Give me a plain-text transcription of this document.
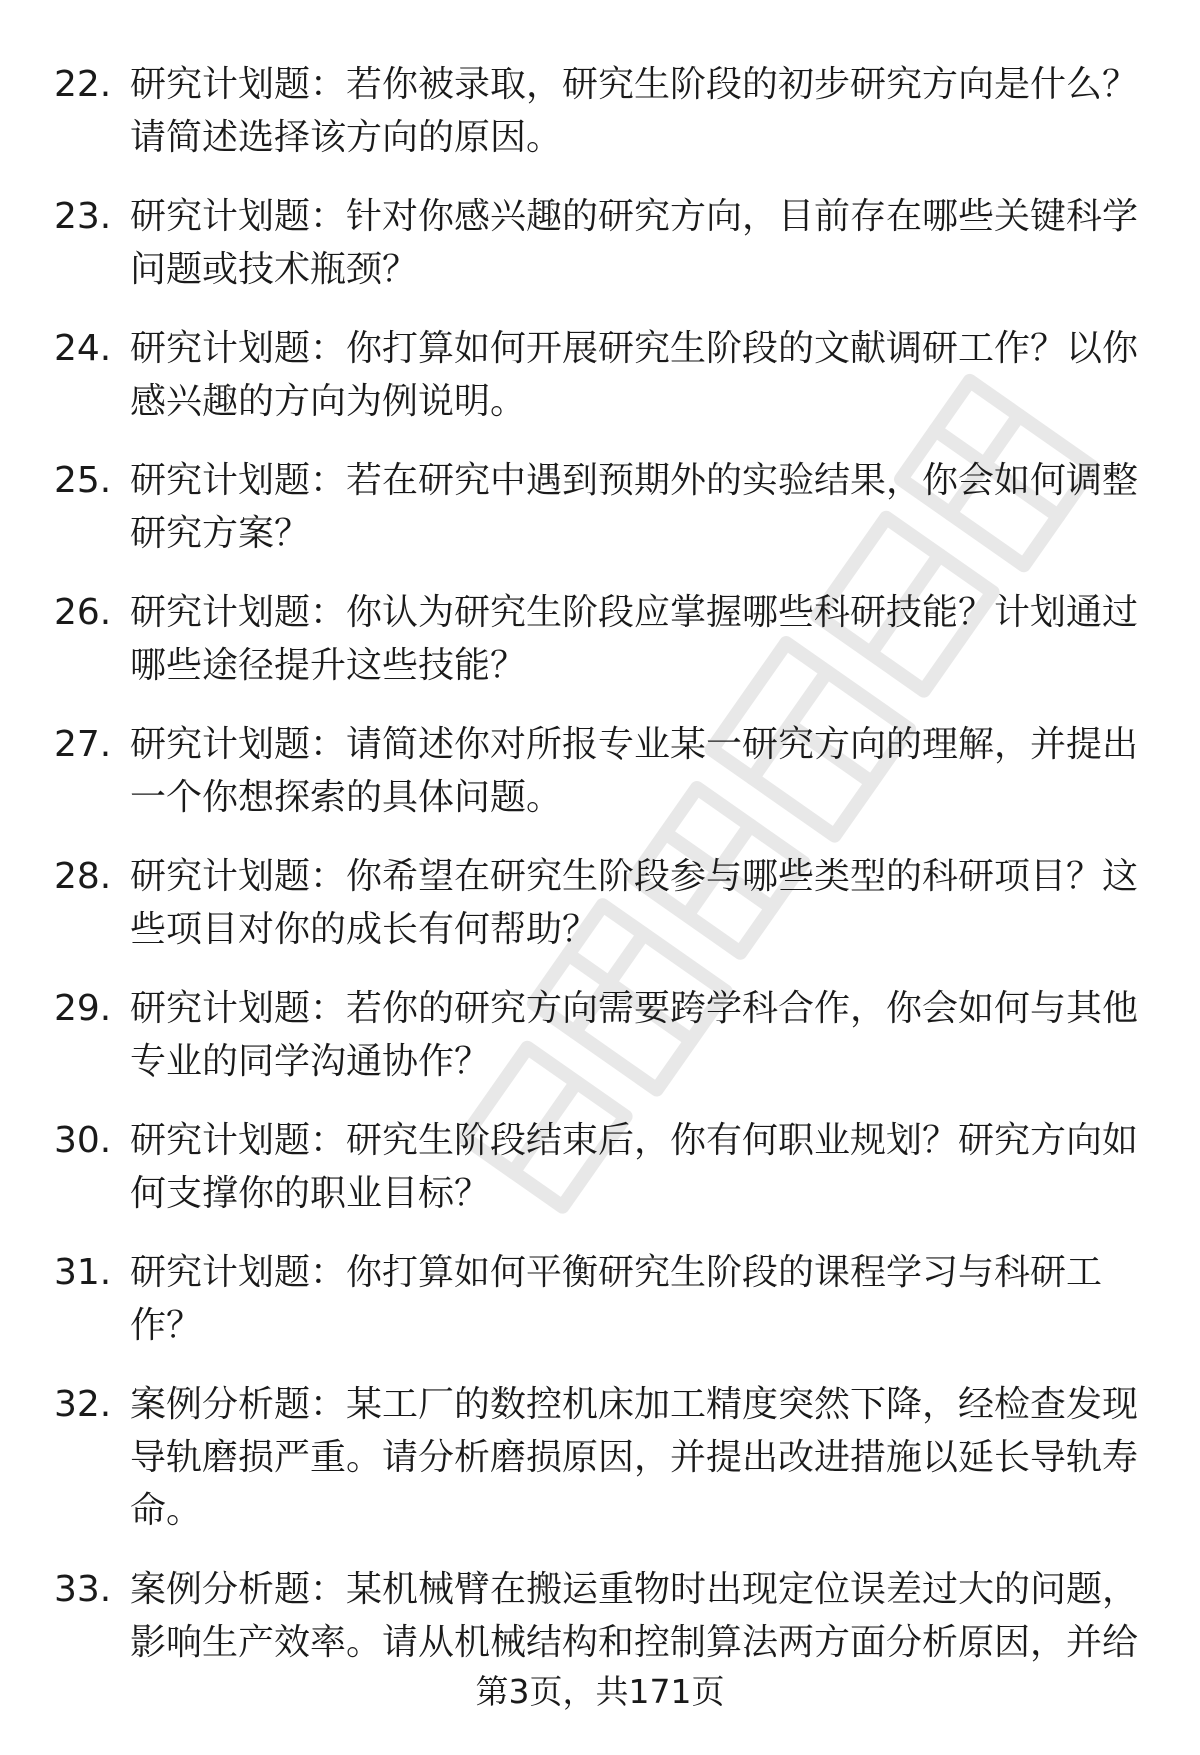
22. 研究计划题：若你被录取，研究生阶段的初步研究方向是什么？请简述选择该方向的原因。
23. 研究计划题：针对你感兴趣的研究方向，目前存在哪些关键科学问题或技术瓶颈？
24. 研究计划题：你打算如何开展研究生阶段的文献调研工作？以你感兴趣的方向为例说明。
25. 研究计划题：若在研究中遇到预期外的实验结果，你会如何调整研究方案？
26. 研究计划题：你认为研究生阶段应掌握哪些科研技能？计划通过哪些途径提升这些技能？
27. 研究计划题：请简述你对所报专业某一研究方向的理解，并提出一个你想探索的具体问题。
28. 研究计划题：你希望在研究生阶段参与哪些类型的科研项目？这些项目对你的成长有何帮助？
29. 研究计划题：若你的研究方向需要跨学科合作，你会如何与其他专业的同学沟通协作？
30. 研究计划题：研究生阶段结束后，你有何职业规划？研究方向如何支撑你的职业目标？
31. 研究计划题：你打算如何平衡研究生阶段的课程学习与科研工作？
32. 案例分析题：某工厂的数控机床加工精度突然下降，经检查发现导轨磨损严重。请分析磨损原因，并提出改进措施以延长导轨寿命。
33. 案例分析题：某机械臂在搬运重物时出现定位误差过大的问题，影响生产效率。请从机械结构和控制算法两方面分析原因，并给
第3页，共171页
